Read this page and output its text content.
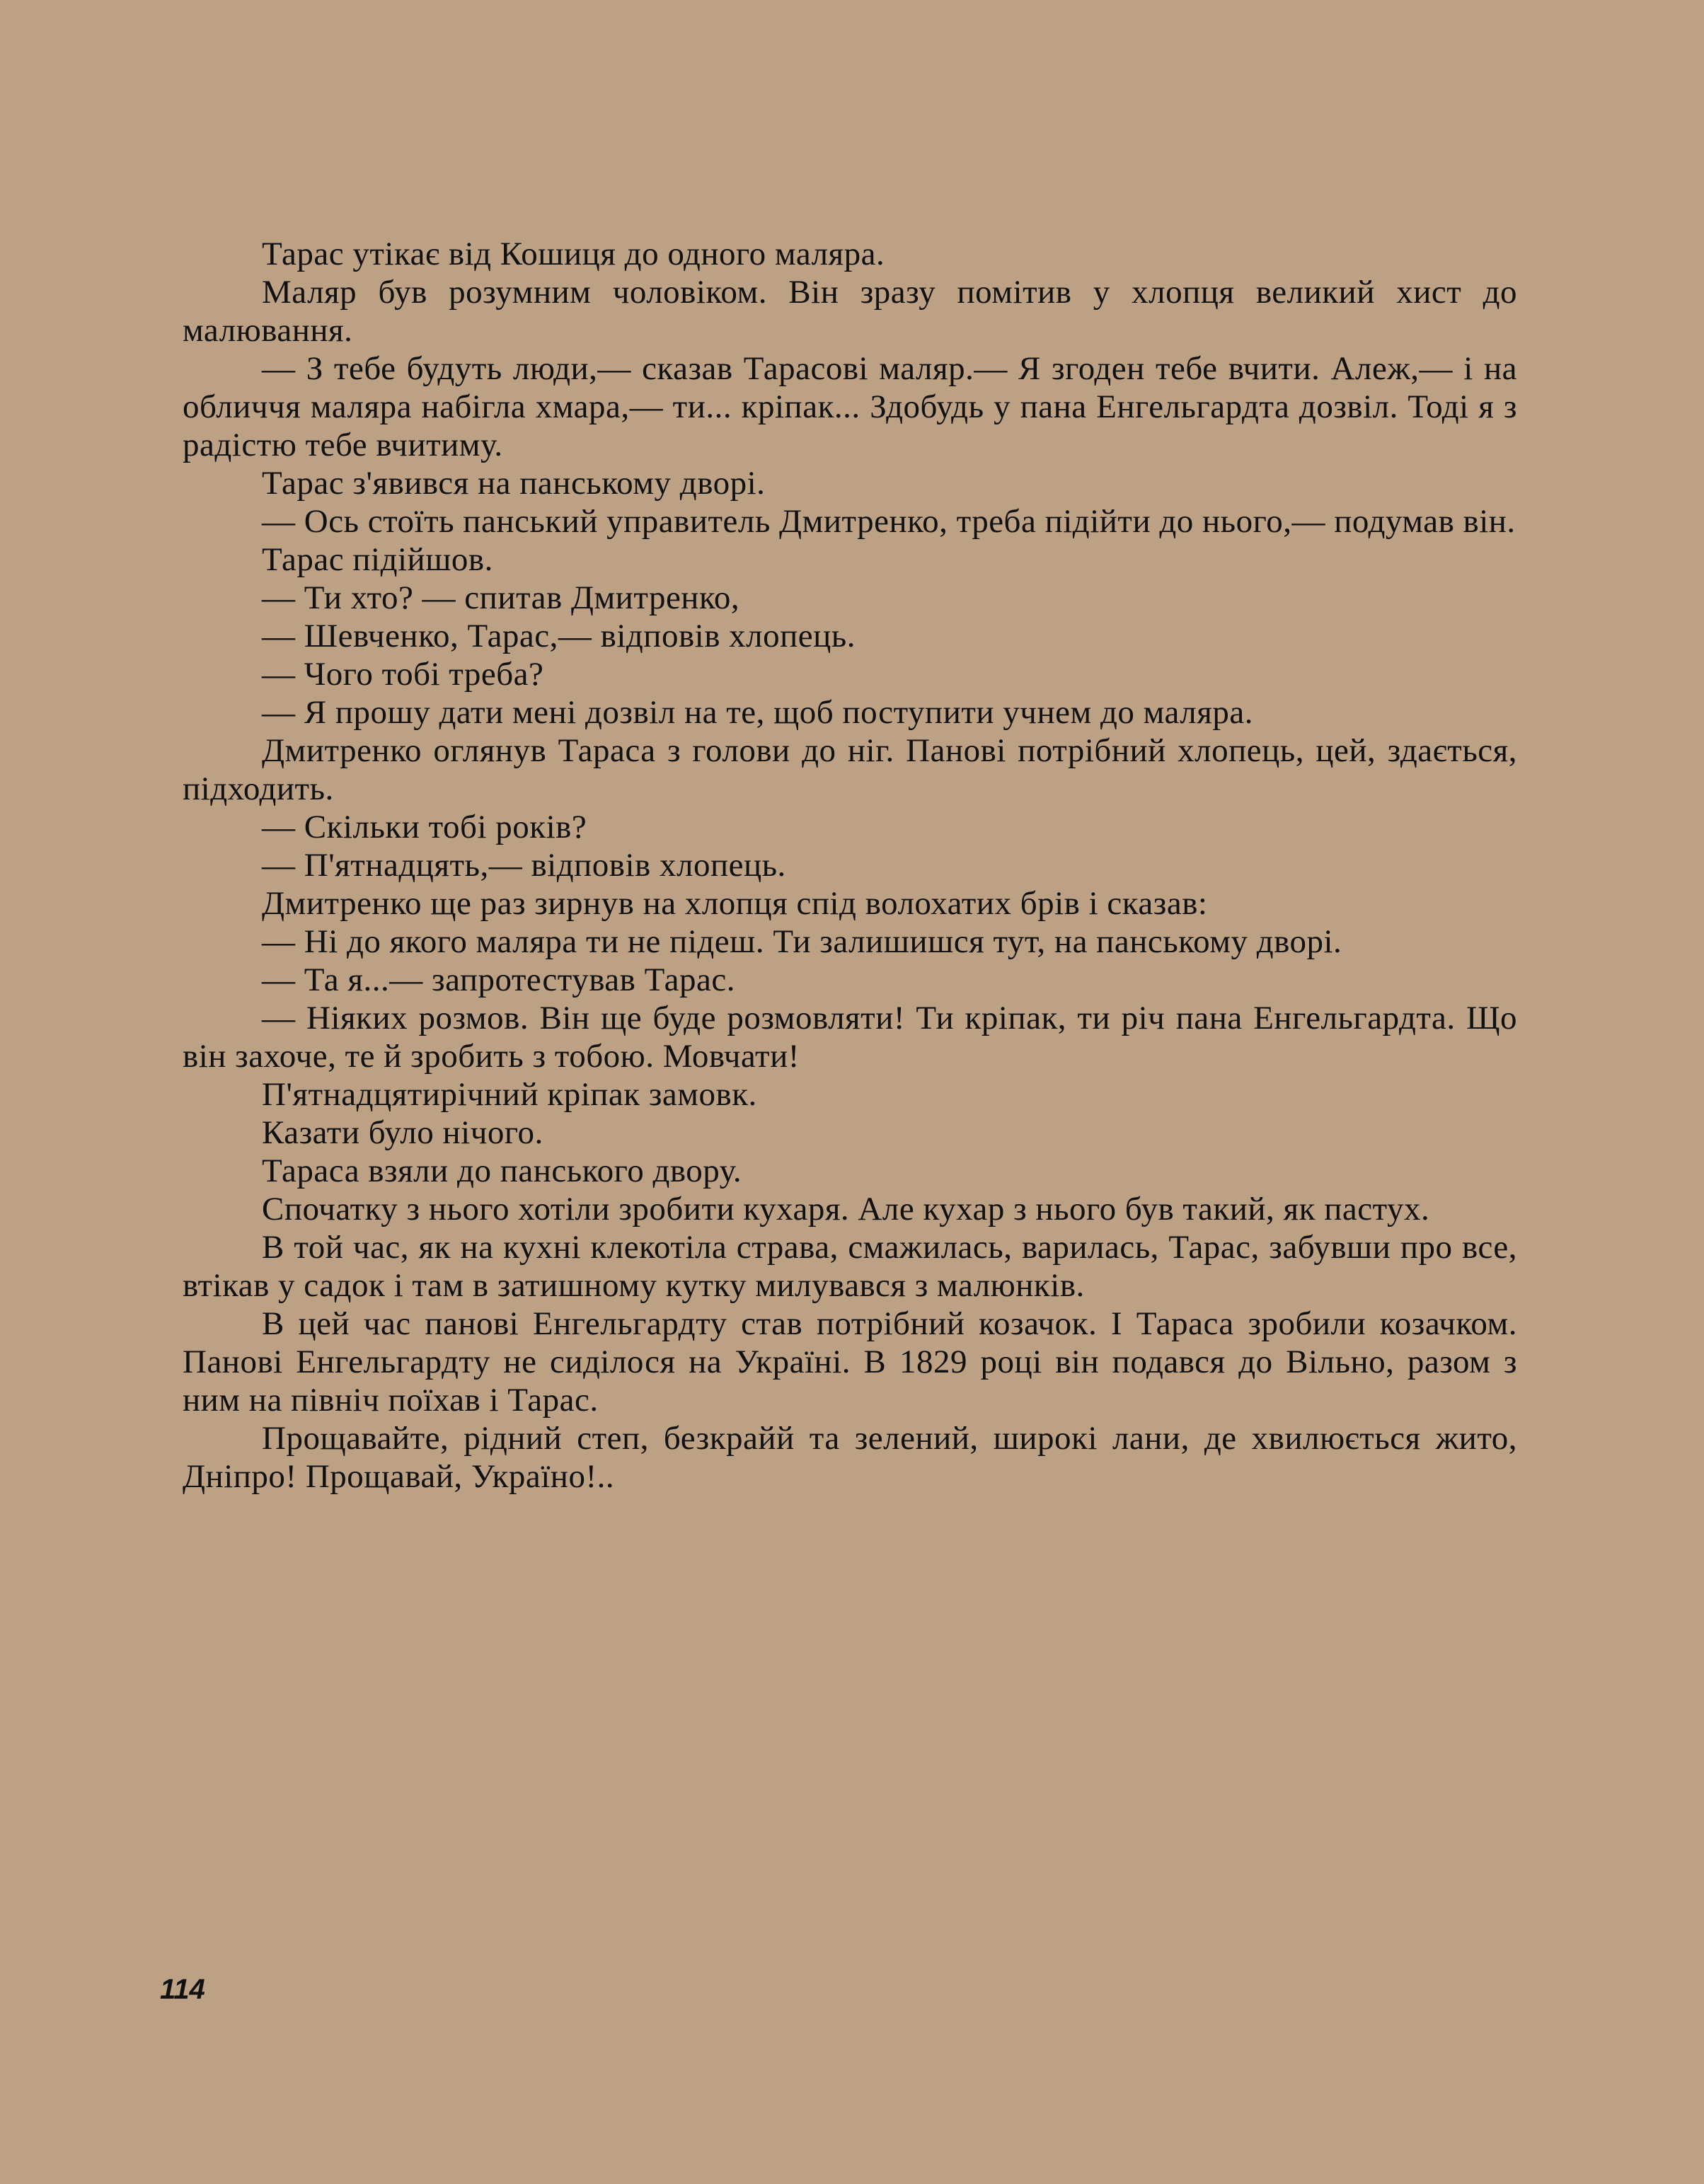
Тарас утікає від Кошиця до одного маляра.

Маляр був розумним чоловіком. Він зразу помітив у хлопця великий хист до малювання.

— З тебе будуть люди,— сказав Тарасові маляр.— Я згоден тебе вчити. Алеж,— і на обличчя маляра набігла хмара,— ти... кріпак... Здобудь у пана Енгельгардта дозвіл. Тоді я з радістю тебе вчитиму.

Тарас з'явився на панському дворі.

— Ось стоїть панський управитель Дмитренко, треба підійти до нього,— подумав він.

Тарас підійшов.

— Ти хто? — спитав Дмитренко,

— Шевченко, Тарас,— відповів хлопець.

— Чого тобі треба?

— Я прошу дати мені дозвіл на те, щоб поступити учнем до маляра.

Дмитренко оглянув Тараса з голови до ніг. Панові потрібний хлопець, цей, здається, підходить.

— Скільки тобі років?

— П'ятнадцять,— відповів хлопець.

Дмитренко ще раз зирнув на хлопця спід волохатих брів і сказав:

— Ні до якого маляра ти не підеш. Ти залишишся тут, на панському дворі.

— Та я...— запротестував Тарас.

— Ніяких розмов. Він ще буде розмовляти! Ти кріпак, ти річ пана Енгельгардта. Що він захоче, те й зробить з тобою. Мовчати!

П'ятнадцятирічний кріпак замовк.

Казати було нічого.

Тараса взяли до панського двору.

Спочатку з нього хотіли зробити кухаря. Але кухар з нього був такий, як пастух.

В той час, як на кухні клекотіла страва, смажилась, варилась, Тарас, забувши про все, втікав у садок і там в затишному кутку милувався з малюнків.

В цей час панові Енгельгардту став потрібний козачок. І Тараса зробили козачком. Панові Енгельгардту не сиділося на Україні. В 1829 році він подався до Вільно, разом з ним на північ поїхав і Тарас.

Прощавайте, рідний степ, безкрайй та зелений, широкі лани, де хвилюється жито, Дніпро! Прощавай, Україно!..

114
